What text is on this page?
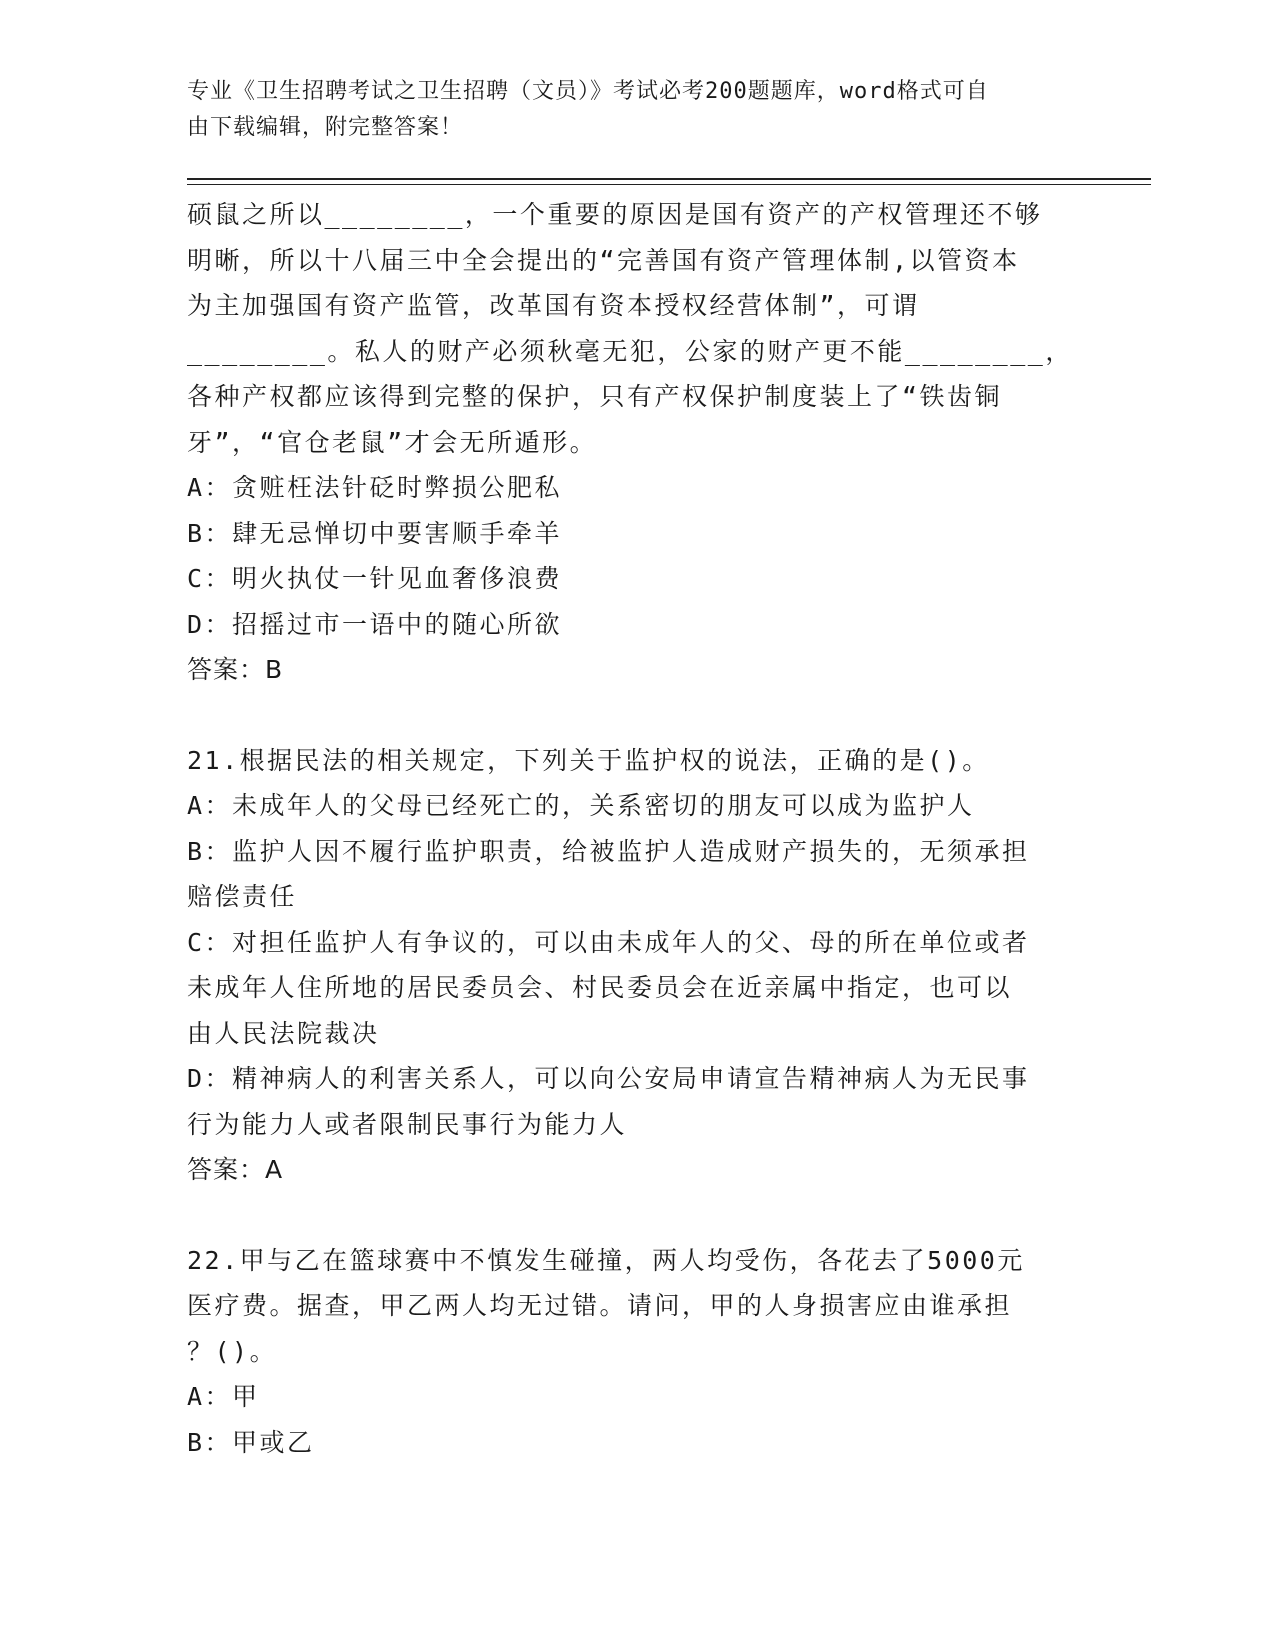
专业《卫生招聘考试之卫生招聘（文员）》考试必考200题题库，word格式可自
由下载编辑，附完整答案！

硕鼠之所以________，一个重要的原因是国有资产的产权管理还不够

明晰，所以十八届三中全会提出的“完善国有资产管理体制,以管资本

为主加强国有资产监管，改革国有资本授权经营体制”，可谓

________。私人的财产必须秋毫无犯，公家的财产更不能________，

各种产权都应该得到完整的保护，只有产权保护制度装上了“铁齿铜

牙”，“官仓老鼠”才会无所遁形。

A：贪赃枉法针砭时弊损公肥私

B：肆无忌惮切中要害顺手牵羊

C：明火执仗一针见血奢侈浪费

D：招摇过市一语中的随心所欲

答案：B

21.根据民法的相关规定，下列关于监护权的说法，正确的是()。

A：未成年人的父母已经死亡的，关系密切的朋友可以成为监护人

B：监护人因不履行监护职责，给被监护人造成财产损失的，无须承担

赔偿责任

C：对担任监护人有争议的，可以由未成年人的父、母的所在单位或者

未成年人住所地的居民委员会、村民委员会在近亲属中指定，也可以

由人民法院裁决

D：精神病人的利害关系人，可以向公安局申请宣告精神病人为无民事

行为能力人或者限制民事行为能力人

答案：A

22.甲与乙在篮球赛中不慎发生碰撞，两人均受伤，各花去了5000元

医疗费。据查，甲乙两人均无过错。请问，甲的人身损害应由谁承担

？()。

A：甲

B：甲或乙
